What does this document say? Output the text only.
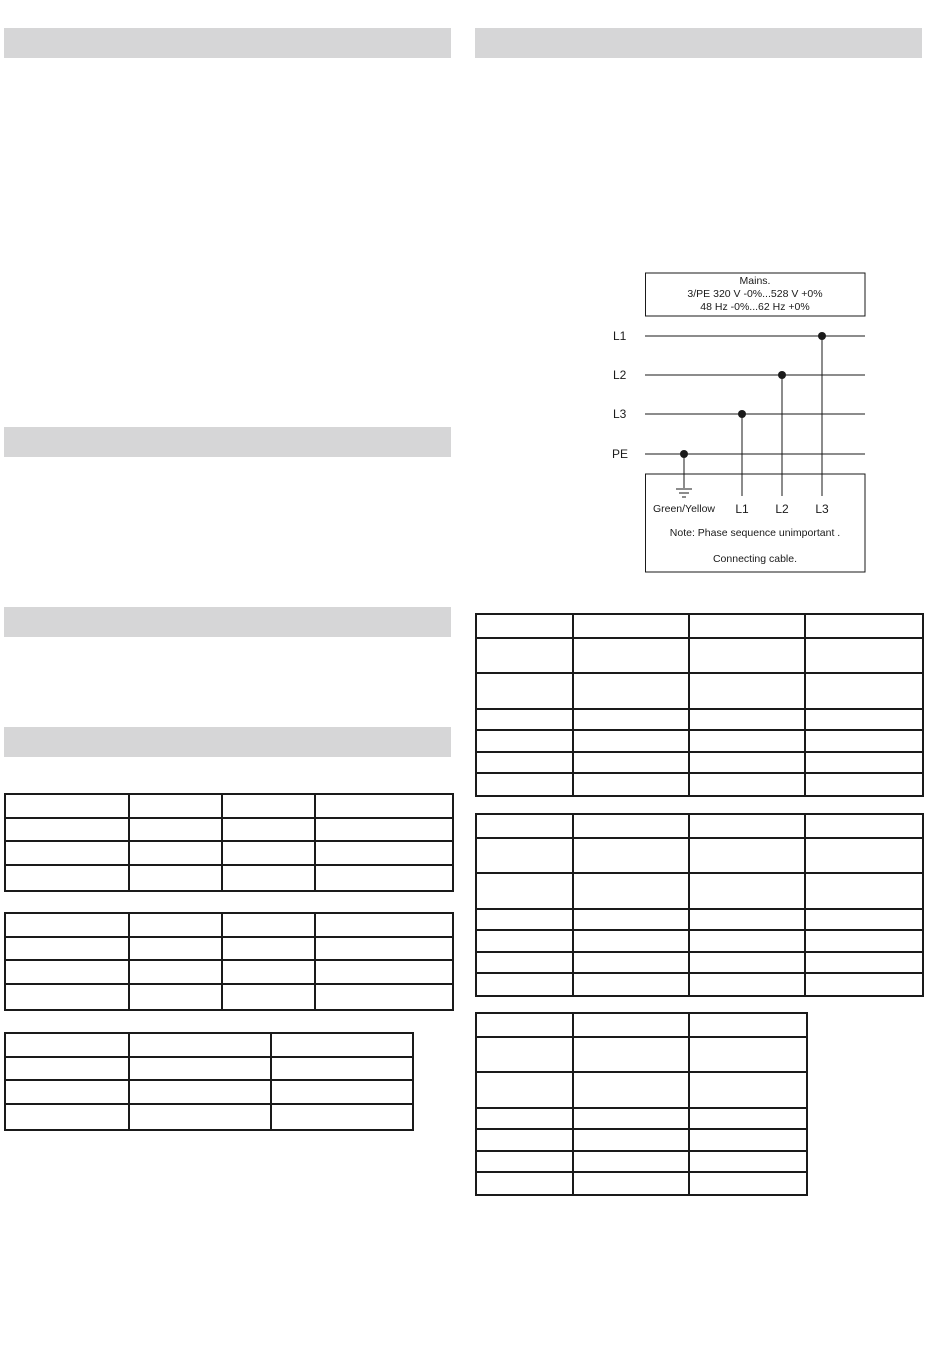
Mains.
3/PE 320 V -0%...528 V +0%
48 Hz -0%...62 Hz +0%
L1
L2
L3
PE
Green/Yellow L1 L2 L3
Note: Phase sequence unimportant .
Connecting cable.
